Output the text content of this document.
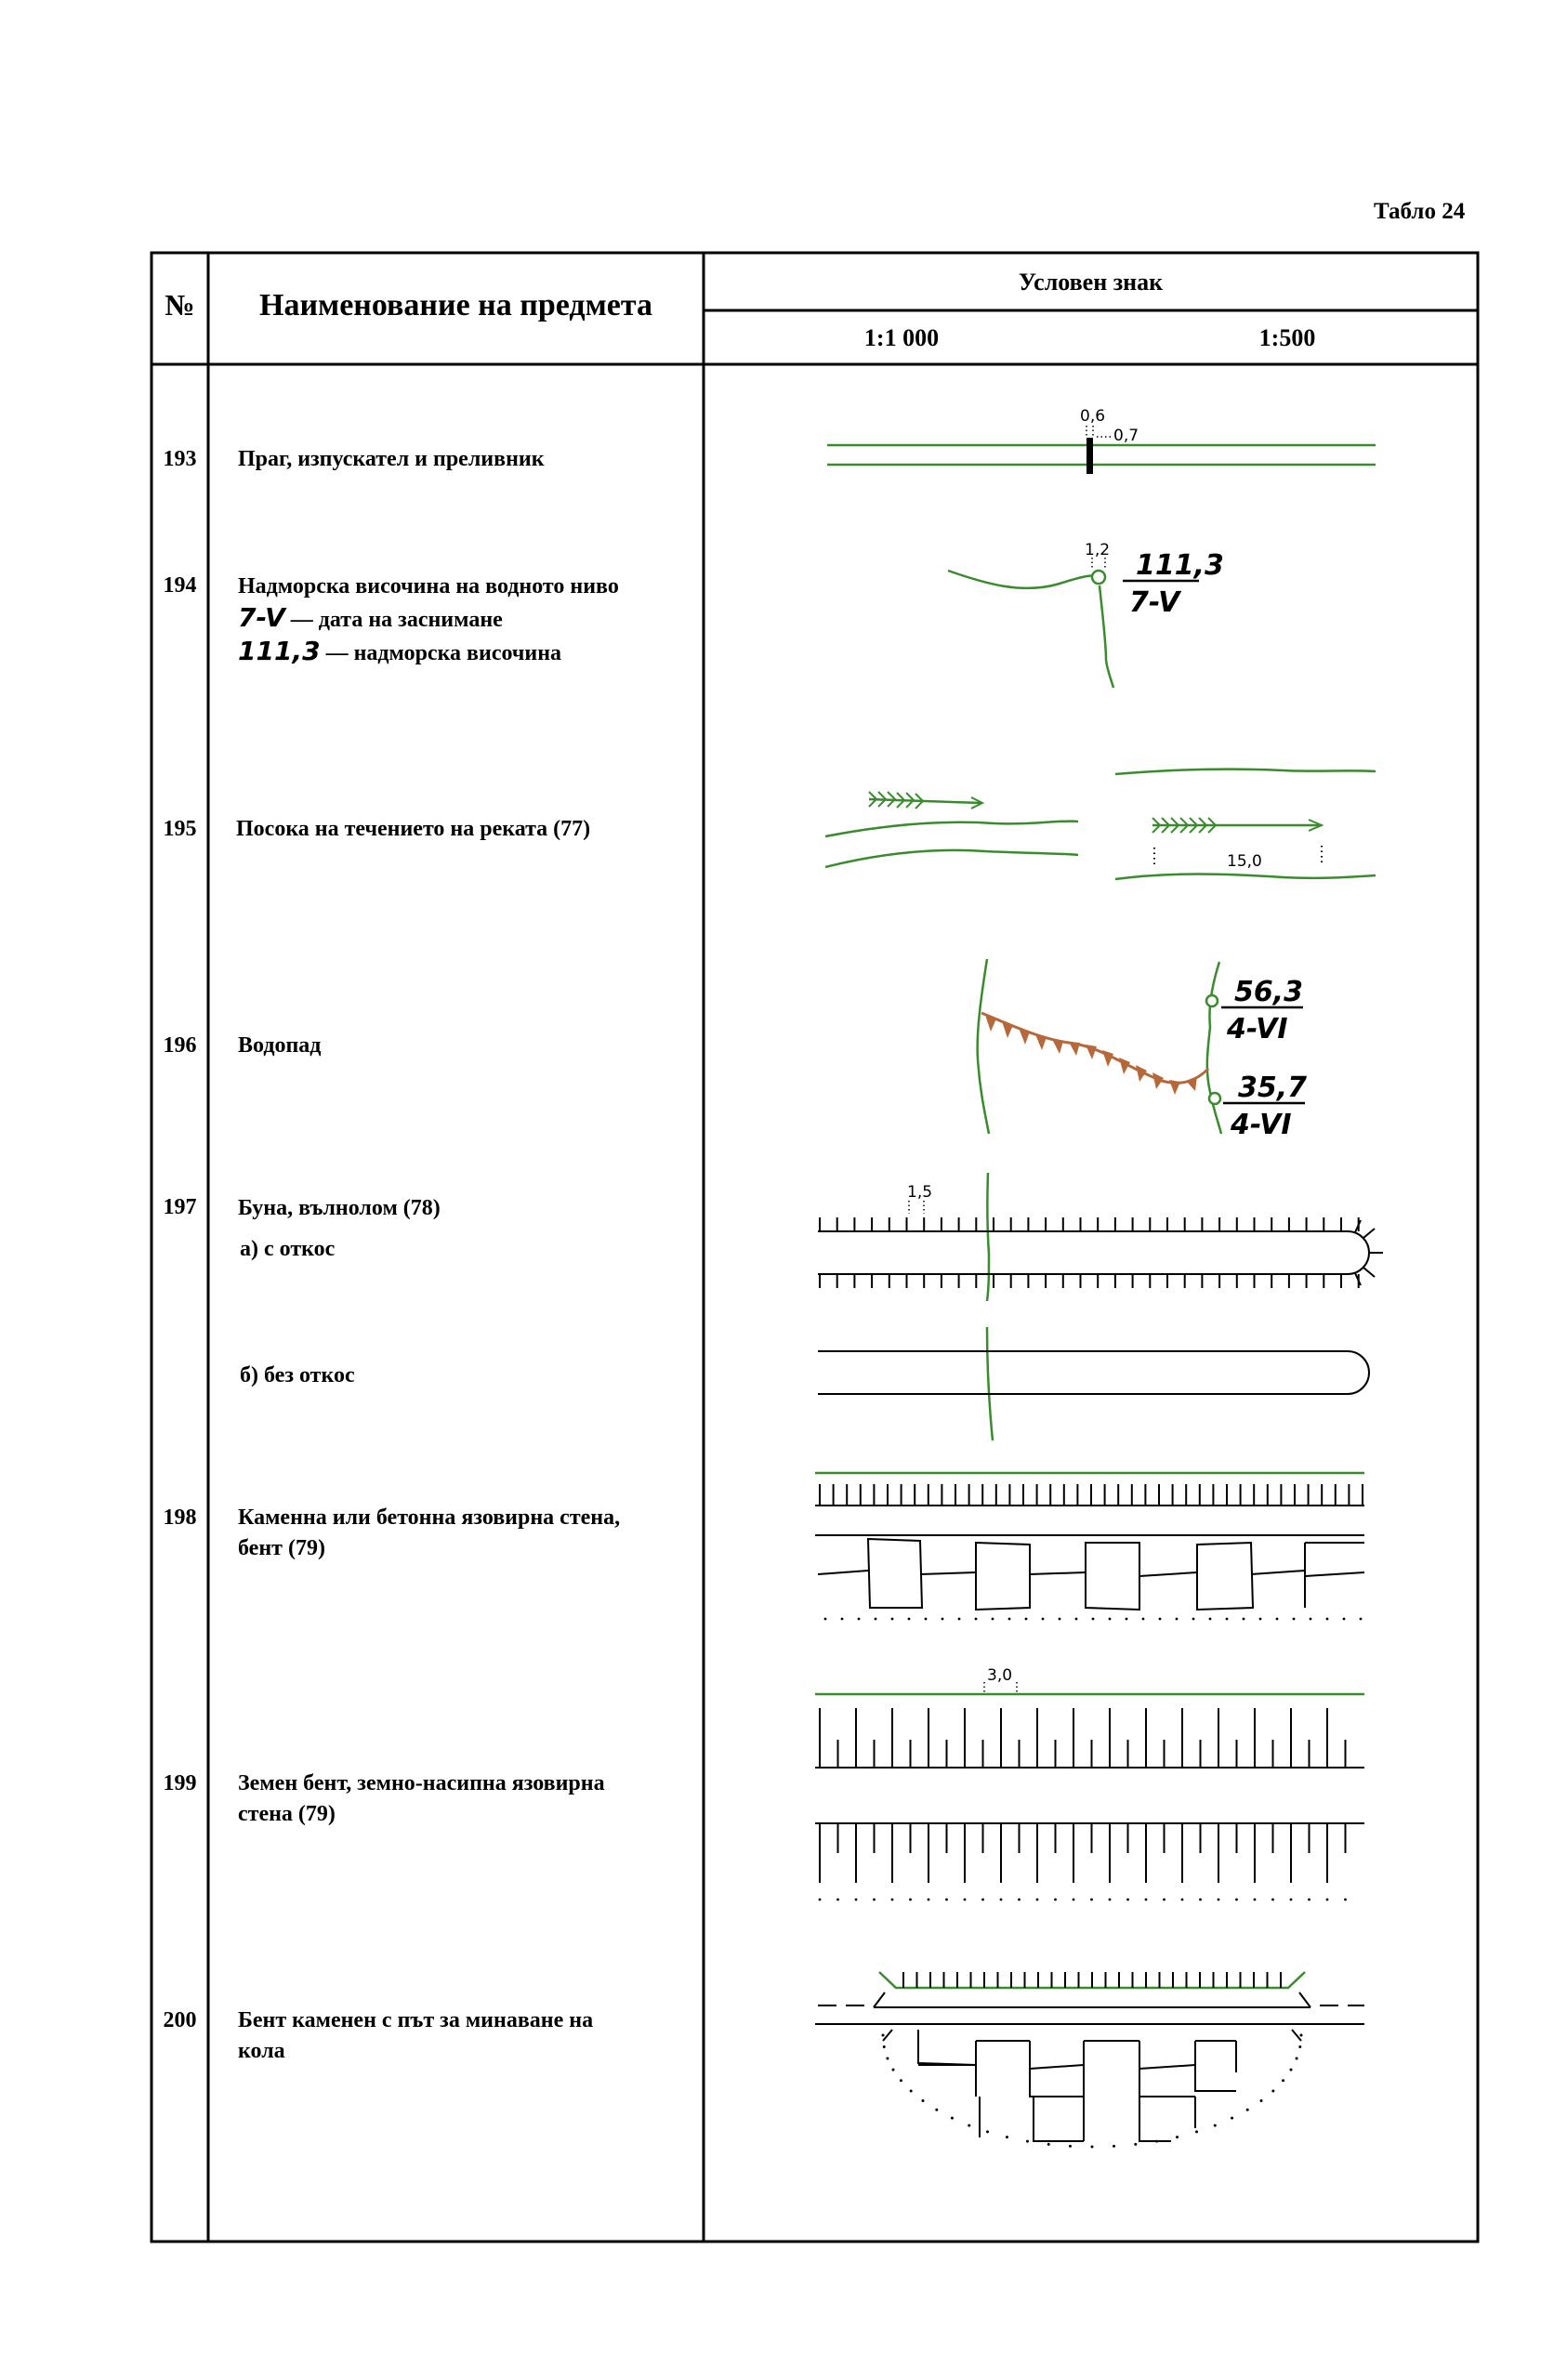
Табло 24
№	Наименование на предмета
Условен знак
1:1 000	1:500
193
194
195
196
197
198
199
200
Праг, изпускател и преливник
Надморска височина на водното ниво
7-V — дата на заснимане
111,3 — надморска височина
Посока на течението на реката (77)
Водопад
Буна, вълнолом (78)
а) с откос
б) без откос
Каменна или бетонна язовирна стена,
бент (79)
Земен бент, земно-насипна язовирна
стена (79)
Бент каменен с път за минаване на
кола
0,6
0,7
1,2 111,3
7-V
15,0
56,3
4-VI
35,7
4-VI
1,5
3,0
